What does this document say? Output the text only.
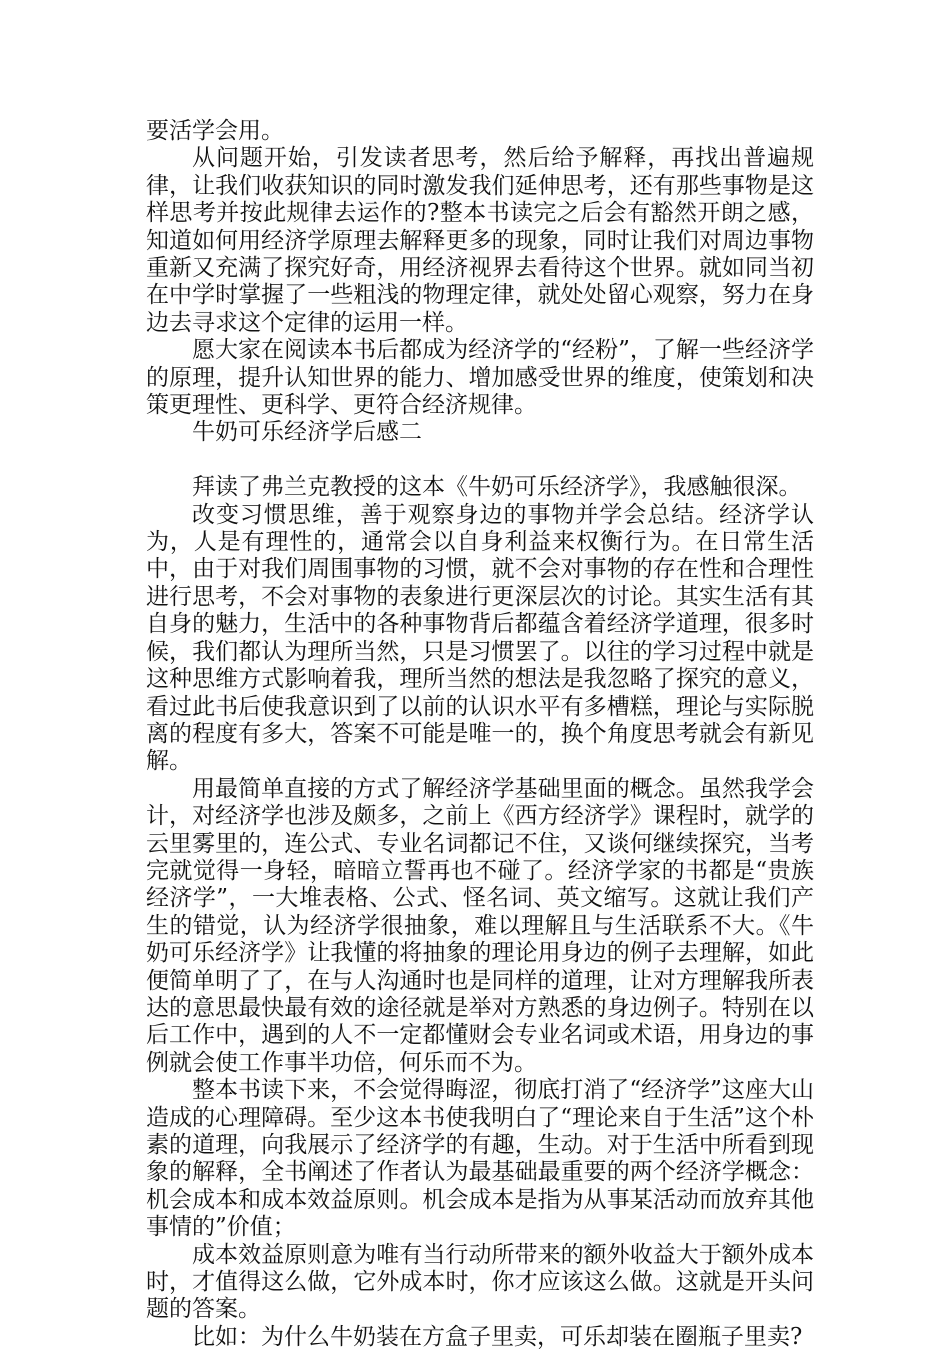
要活学会用。

从问题开始，引发读者思考，然后给予解释，再找出普遍规律，让我们收获知识的同时激发我们延伸思考，还有那些事物是这样思考并按此规律去运作的?整本书读完之后会有豁然开朗之感，知道如何用经济学原理去解释更多的现象，同时让我们对周边事物重新又充满了探究好奇，用经济视界去看待这个世界。就如同当初在中学时掌握了一些粗浅的物理定律，就处处留心观察，努力在身边去寻求这个定律的运用一样。

愿大家在阅读本书后都成为经济学的“经粉”，了解一些经济学的原理，提升认知世界的能力、增加感受世界的维度，使策划和决策更理性、更科学、更符合经济规律。

牛奶可乐经济学后感二

拜读了弗兰克教授的这本《牛奶可乐经济学》，我感触很深。

改变习惯思维，善于观察身边的事物并学会总结。经济学认为，人是有理性的，通常会以自身利益来权衡行为。在日常生活中，由于对我们周围事物的习惯，就不会对事物的存在性和合理性进行思考，不会对事物的表象进行更深层次的讨论。其实生活有其自身的魅力，生活中的各种事物背后都蕴含着经济学道理，很多时候，我们都认为理所当然，只是习惯罢了。以往的学习过程中就是这种思维方式影响着我，理所当然的想法是我忽略了探究的意义，看过此书后使我意识到了以前的认识水平有多槽糕，理论与实际脱离的程度有多大，答案不可能是唯一的，换个角度思考就会有新见解。

用最简单直接的方式了解经济学基础里面的概念。虽然我学会计，对经济学也涉及颇多，之前上《西方经济学》课程时，就学的云里雾里的，连公式、专业名词都记不住，又谈何继续探究，当考完就觉得一身轻，暗暗立誓再也不碰了。经济学家的书都是“贵族经济学”，一大堆表格、公式、怪名词、英文缩写。这就让我们产生的错觉，认为经济学很抽象，难以理解且与生活联系不大。《牛奶可乐经济学》让我懂的将抽象的理论用身边的例子去理解，如此便简单明了了，在与人沟通时也是同样的道理，让对方理解我所表达的意思最快最有效的途径就是举对方熟悉的身边例子。特别在以后工作中，遇到的人不一定都懂财会专业名词或术语，用身边的事例就会使工作事半功倍，何乐而不为。

整本书读下来，不会觉得晦涩，彻底打消了“经济学”这座大山造成的心理障碍。至少这本书使我明白了“理论来自于生活”这个朴素的道理，向我展示了经济学的有趣，生动。对于生活中所看到现象的解释，全书阐述了作者认为最基础最重要的两个经济学概念：机会成本和成本效益原则。机会成本是指为从事某活动而放弃其他事情的”价值；

成本效益原则意为唯有当行动所带来的额外收益大于额外成本时，才值得这么做，它外成本时，你才应该这么做。这就是开头问题的答案。

比如：为什么牛奶装在方盒子里卖，可乐却装在圈瓶子里卖?
